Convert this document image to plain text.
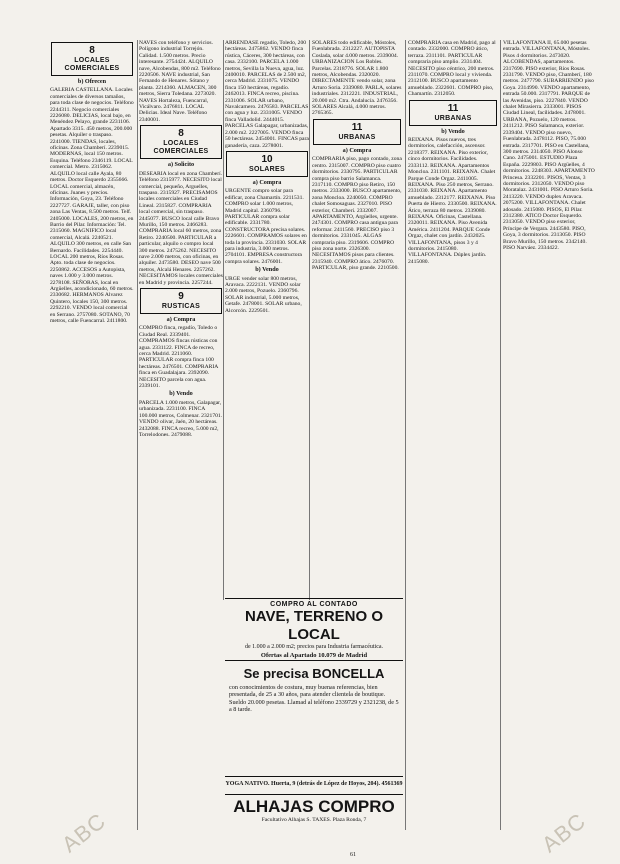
8
LOCALES COMERCIALES
b) Ofrecen

GALERIA CASTELLANA. Locales comerciales de diversos tamaños, para toda clase de negocios. Teléfono 2244311. Negocio comerciales 2226080. DELICIAS, local bajo, en Menéndez Pelayo, grande 2231106. Apartado 3315. 450 metros, 200.000 pesetas. Alquiler o traspaso. 2241000. TIENDAS, locales, oficinas. Zona Chamberí. 2239015. MODERNAS, local 150 metros. Esquina. Teléfono 2346119. LOCAL comercial. Metro. 2315062. ALQUILO local calle Ayala, 80 metros. Doctor Esquerdo 2355666. LOCAL comercial, almacén, oficinas. Juanes y precios. Información, Goya, 23. Teléfono 2227727. GARAJE, taller, con piso zona Las Ventas, 8.500 metros. Telf. 2405000. LOCALES, 200 metros, en Barrio del Pilar. Información: Tel. 2315060. MAGNIFICO local comercial, Alcalá. 2240521. ALQUILO 300 metros, en calle San Bernardo. Facilidades. 2254440. LOCAL 200 metros, Ríos Rosas. Apto. toda clase de negocios. 2250862. ACCESOS a Autopista, naves 1.000 y 3.000 metros. 2278108. SEÑORAS, local en Argüelles, acondicionado, 60 metros. 2330682. HERMANOS Alvarez Quintero, locales 150, 300 metros. 2292210. VENDO local comercial en Serrano. 2757080. SOTANO, 70 metros, calle Fuencarral. 2411800.

NAVES con teléfono y servicios. Polígono industrial Torrejón. Calidad. 1.500 metros. Precio interesante. 2754424. ALQUILO nave, Alcobendas, 800 m2. Teléfono 2220506. NAVE industrial, San Fernando de Henares. Sótano y planta. 2214360. ALMACEN, 300 metros, Sierra Toledana. 2273020. NAVES Hortaleza, Fuencarral, Vicálvaro. 2476811. LOCAL Delicias. Ideal Nave. Teléfono 2340001.

8
LOCALES COMERCIALES
a) Solicito

DESEARIA local en zona Chamberí. Teléfono 2315977. NECESITO local comercial, pequeño, Arguelles, traspaso. 2315927. PRECISAMOS locales comerciales en Ciudad Lineal. 2315827. COMPRARIA local comercial, sin traspaso. 2445077. BUSCO local calle Bravo Murillo, 150 metros. 2466283. COMPRARIA local 60 metros, zona Retiro. 2240500. PARTICULAR a particular, alquilo o compro local 300 metros. 2475262. NECESITO nave 2.000 metros, con oficinas, en alquiler. 2473580. DESEO nave 500 metros, Alcalá Henares. 2257262. NECESITAMOS locales comerciales en Madrid y provincia. 2257244.

9
RUSTICAS
a) Compra

COMPRO finca, regadío, Toledo o Ciudad Real. 2339401. COMPRAMOS fincas rústicas con agua. 2331122. FINCA de recreo, cerca Madrid. 2211060. PARTICULAR compra finca 100 hectáreas. 2476501. COMPRARIA finca en Guadalajara. 2392090. NECESITO parcela con agua. 2339101.

b) Vendo

PARCELA 1.000 metros, Galapagar, urbanizada. 2231100. FINCA 100.000 metros, Colmenar. 2321701. VENDO olivar, Jaén, 20 hectáreas. 2432088. FINCA recreo, 5.000 m2, Torrelodones. 2479088.

ARRENDASE regadío, Toledo, 200 hectáreas. 2475862. VENDO finca rústica, Cáceres, 300 hectáreas, con casa. 2332100. PARCELA 1.000 metros, Sevilla la Nueva, agua, luz. 2400010. PARCELAS de 2.500 m2, cerca Madrid. 2331075. VENDO finca 150 hectáreas, regadío. 2462013. FINCA recreo, piscina. 2331006. SOLAR urbano, Navalcarnero. 2476583. PARCELAS con agua y luz. 2331005. VENDO finca Valladolid. 2444015. PARCELAS Galapagar, urbanizadas, 2.000 m2. 2227005. VENDO finca 50 hectáreas. 2454001. FINCAS para ganadería, caza. 2278001.

10
SOLARES
a) Compra

URGENTE compro solar para edificar, zona Chamartín. 2211531. COMPRO solar 1.000 metros, Madrid capital. 2360796. PARTICULAR compra solar edificable. 2331780. CONSTRUCTORA precisa solares. 2226601. COMPRAMOS solares en toda la provincia. 2331030. SOLAR para industria, 3.000 metros. 2704101. EMPRESA constructora compra solares. 2476001.

b) Vendo

URGE vender solar 800 metros, Aravaca. 2222131. VENDO solar 2.000 metros, Pozuelo. 2360796. SOLAR industrial, 5.000 metros, Getafe. 2478001. SOLAR urbano, Alcorcón. 2229501.

SOLARES todo edificable, Móstoles, Fuenlabrada. 2312227. AUTOPISTA Coslada, solar 4.000 metros. 2339004. URBANIZACION Los Robles. Parcelas. 2318776. SOLAR 1.800 metros, Alcobendas. 2320020. DIRECTAMENTE vendo solar, zona Arturo Soria. 2339080. PARLA, solares industriales. 2312221. INDUSTRIAL, 20.000 m2. Ctra. Andalucía. 2476356. SOLARES Alcalá, 4.000 metros. 2765365.

11
URBANAS
a) Compra

COMPRARIA piso, pago contado, zona centro. 2315007. COMPRO piso cuatro dormitorios. 2330795. PARTICULAR compra piso barrio Salamanca. 2317110. COMPRO piso Retiro, 150 metros. 2333000. BUSCO apartamento, zona Moncloa. 2240050. COMPRO chalet Somosaguas. 2327010. PISO exterior, Chamberí. 2332007. APARTAMENTO, Argüelles, urgente. 2474301. COMPRO casa antigua para reformar. 2411560. PRECISO piso 3 dormitorios. 2331045. ALGAS compraría piso. 2319606. COMPRO piso zona norte. 2326300. NECESITAMOS pisos para clientes. 2315940. COMPRO ático. 2476070. PARTICULAR, piso grande. 2210500.

COMPRARIA casa en Madrid, pago al contado. 2332000. COMPRO ático, terraza. 2311101. PARTICULAR compraría piso amplio. 2331404. NECESITO piso céntrico, 200 metros. 2311070. COMPRO local y vivienda. 2312100. BUSCO apartamento amueblado. 2322601. COMPRO piso, Chamartín. 2312050.

11
URBANAS
b) Vendo

REIXANA. Pisos nuevos, tres dormitorios, calefacción, ascensor. 2218377. REIXANA. Piso exterior, cinco dormitorios. Facilidades. 2333112. REIXANA. Apartamentos Moncloa. 2311101. REIXANA. Chalet Parque Conde Orgaz. 2411005. REIXANA. Piso 250 metros, Serrano. 2331030. REIXANA. Apartamento amueblado. 2312177. REIXANA. Piso Puerta de Hierro. 2330500. REIXANA. Ático, terraza 80 metros. 2339080. REIXANA. Oficinas, Castellana. 2320011. REIXANA. Piso Avenida América. 2411204. PARQUE Conde Orgaz, chalet con jardín. 2432025. VILLAFONTANA, pisos 3 y 4 dormitorios. 2415080. VILLAFONTANA. Dúplex jardín. 2415080.

VILLAFONTANA II, 65.000 pesetas entrada. VILLAFONTANA, Móstoles. Pisos 4 dormitorios. 2473020. ALCOBENDAS, apartamentos. 2317690. PISO exterior, Ríos Rosas. 2331790. VENDO piso, Chamberí, 180 metros. 2477790. SUBARRIENDO piso Goya. 2314990. VENDO apartamento, entrada 50.000. 2317791. PARQUE de las Avenidas, piso. 2227840. VENDO chalet Mirasierra. 2333001. PISOS Ciudad Lineal, facilidades. 2478001. URBANA, Pozuelo, 120 metros. 2411212. PISO Salamanca, exterior. 2339404. VENDO piso nuevo, Fuenlabrada. 2478112. PISO, 75.000 entrada. 2317701. PISO en Castellana, 300 metros. 2314050. PISO Alonso Cano. 2475001. ESTUDIO Plaza España. 2229803. PISO Argüelles, 4 dormitorios. 2248303. APARTAMENTO Princesa. 2332201. PISOS, Ventas, 3 dormitorios. 2312050. VENDO piso Moratalaz. 2431001. PISO Arturo Soria. 2413220. VENDO duplex Aravaca. 2075200. VILLAFONTANA. Chalet adosado. 2415080. PISOS, El Pilar. 2312380. ATICO Doctor Esquerdo. 2313050. VENDO piso exterior, Príncipe de Vergara. 2443580. PISO, Goya, 3 dormitorios. 2313050. PISO Bravo Murillo, 150 metros. 2342140. PISO Narváez. 2334422.

COMPRO AL CONTADO
NAVE, TERRENO O LOCAL
de 1.000 a 2.000 m2; precios para Industria farmacéutica.
Ofertas al Apartado 10.079 de Madrid
Se precisa BONCELLA
con conocimientos de costura, muy buenas referencias, bien presentada, de 25 a 30 años, para atender clientela de boutique. Sueldo 20.000 pesetas. Llamad al teléfono 2339729 y 2321238, de 5 a 8 tarde.
YOGA NATIVO. Huerta, 9 (detrás de López de Hoyos, 204). 4561369
ALHAJAS COMPRO
Facultativo Alhajas S. TAXES. Plaza Ronda, 7
61
ABC	ABC
